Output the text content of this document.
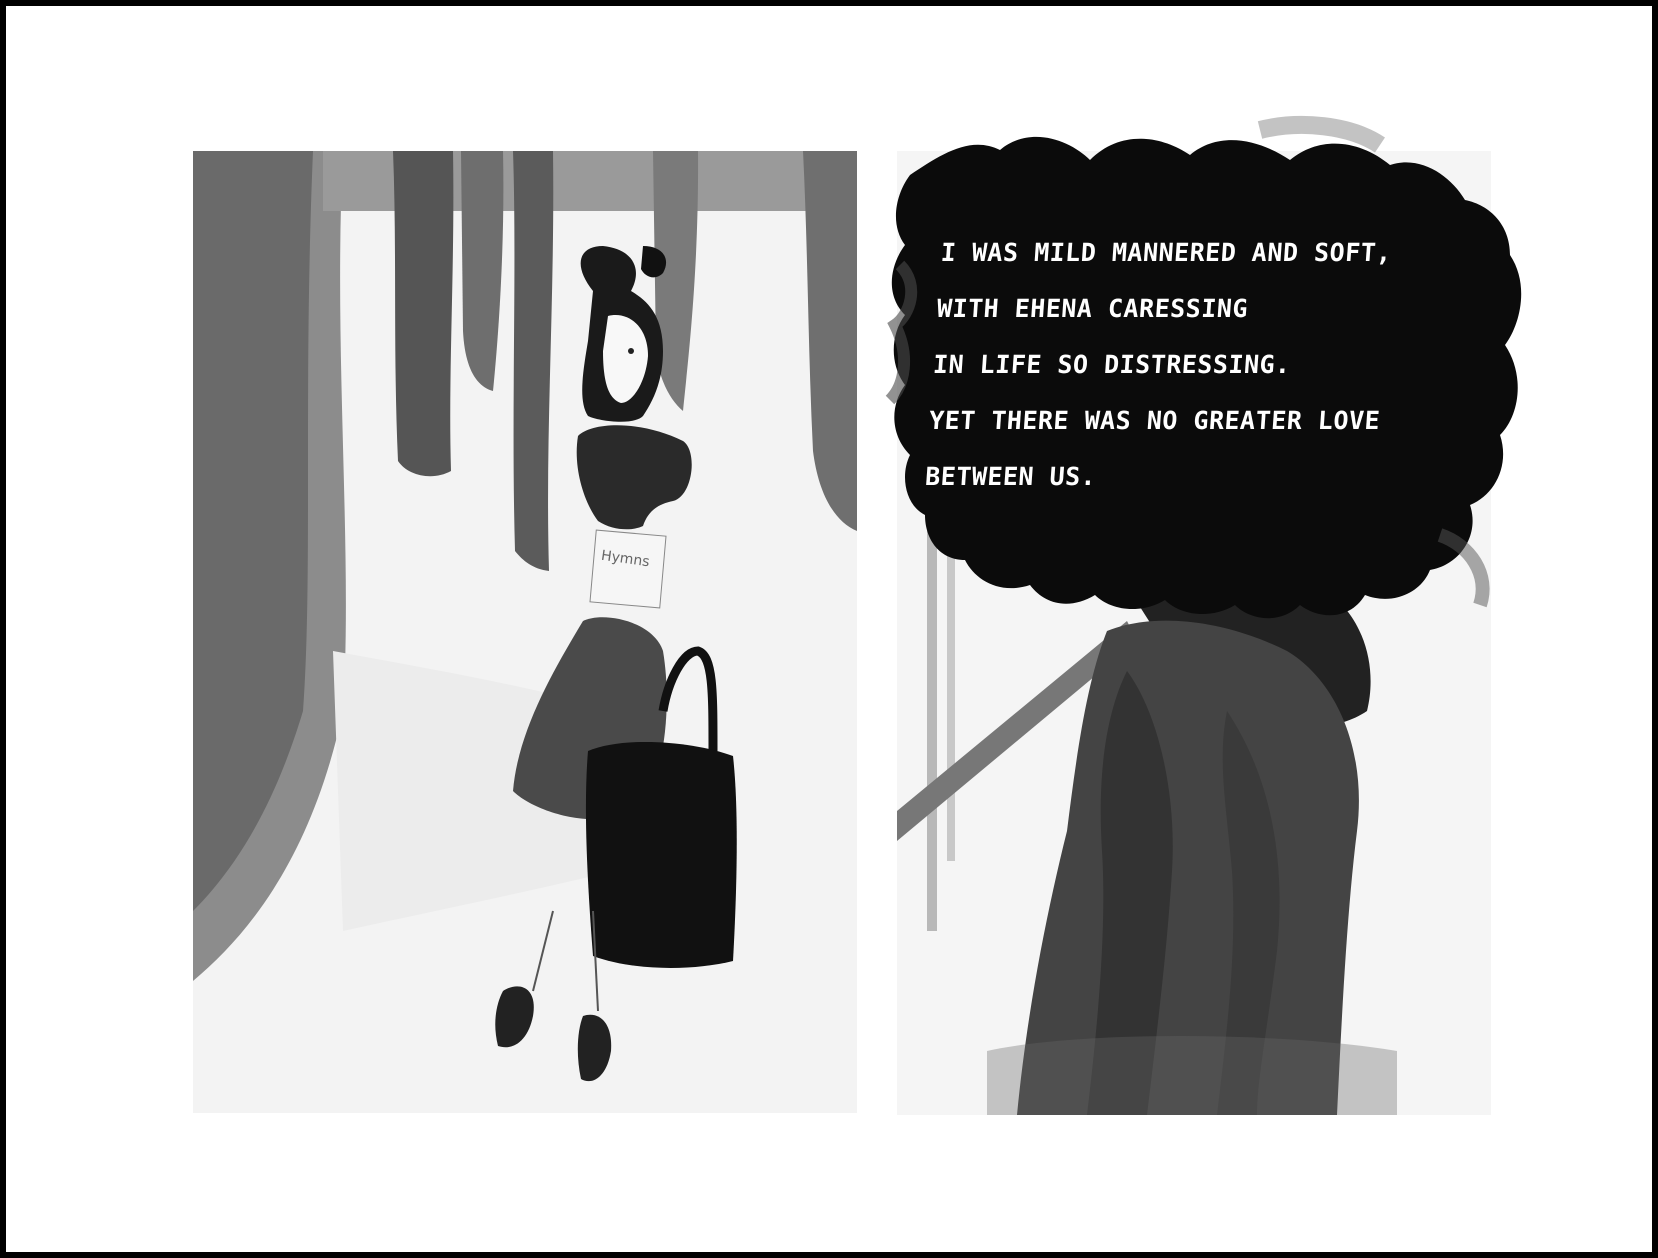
Hymns
I WAS MILD MANNERED AND SOFT,
WITH EHENA CARESSING
IN LIFE SO DISTRESSING.
YET THERE WAS NO GREATER LOVE
BETWEEN US.
